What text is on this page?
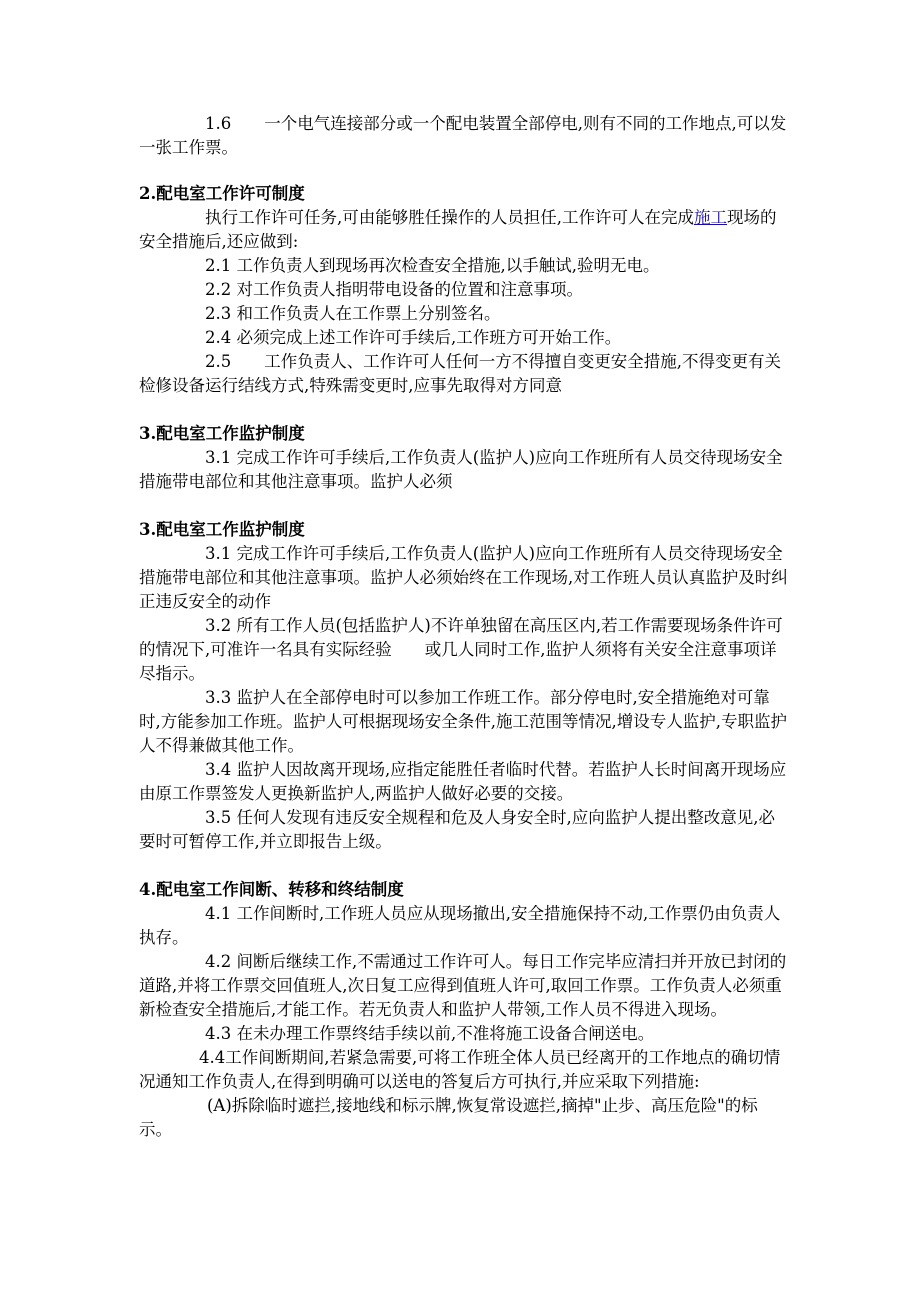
1.6　　一个电气连接部分或一个配电装置全部停电,则有不同的工作地点,可以发一张工作票。

2.配电室工作许可制度

执行工作许可任务,可由能够胜任操作的人员担任,工作许可人在完成施工现场的安全措施后,还应做到:

2.1 工作负责人到现场再次检查安全措施,以手触试,验明无电。

2.2 对工作负责人指明带电设备的位置和注意事项。

2.3 和工作负责人在工作票上分别签名。

2.4 必须完成上述工作许可手续后,工作班方可开始工作。

2.5　　工作负责人、工作许可人任何一方不得擅自变更安全措施,不得变更有关检修设备运行结线方式,特殊需变更时,应事先取得对方同意

3.配电室工作监护制度

3.1 完成工作许可手续后,工作负责人(监护人)应向工作班所有人员交待现场安全措施带电部位和其他注意事项。监护人必须

3.配电室工作监护制度

3.1 完成工作许可手续后,工作负责人(监护人)应向工作班所有人员交待现场安全措施带电部位和其他注意事项。监护人必须始终在工作现场,对工作班人员认真监护及时纠正违反安全的动作

3.2 所有工作人员(包括监护人)不许单独留在高压区内,若工作需要现场条件许可的情况下,可准许一名具有实际经验　　或几人同时工作,监护人须将有关安全注意事项详尽指示。

3.3 监护人在全部停电时可以参加工作班工作。部分停电时,安全措施绝对可靠时,方能参加工作班。监护人可根据现场安全条件,施工范围等情况,增设专人监护,专职监护人不得兼做其他工作。

3.4 监护人因故离开现场,应指定能胜任者临时代替。若监护人长时间离开现场应由原工作票签发人更换新监护人,两监护人做好必要的交接。

3.5 任何人发现有违反安全规程和危及人身安全时,应向监护人提出整改意见,必要时可暂停工作,并立即报告上级。

4.配电室工作间断、转移和终结制度

4.1 工作间断时,工作班人员应从现场撤出,安全措施保持不动,工作票仍由负责人执存。

4.2 间断后继续工作,不需通过工作许可人。每日工作完毕应清扫并开放已封闭的道路,并将工作票交回值班人,次日复工应得到值班人许可,取回工作票。工作负责人必须重新检查安全措施后,才能工作。若无负责人和监护人带领,工作人员不得进入现场。

4.3 在未办理工作票终结手续以前,不准将施工设备合闸送电。

4.4工作间断期间,若紧急需要,可将工作班全体人员已经离开的工作地点的确切情况通知工作负责人,在得到明确可以送电的答复后方可执行,并应采取下列措施:

(A)拆除临时遮拦,接地线和标示牌,恢复常设遮拦,摘掉"止步、高压危险"的标示。
